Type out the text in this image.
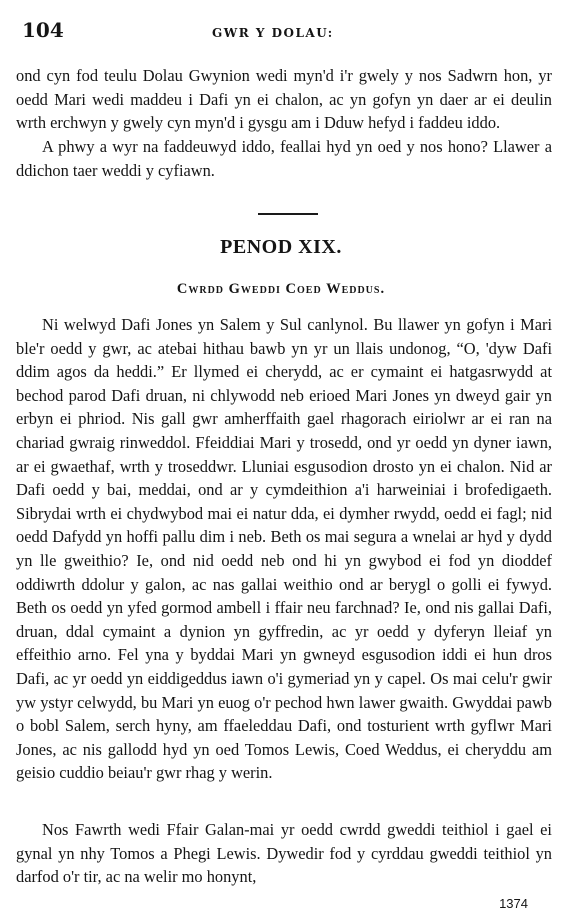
104	GWR Y DOLAU:

ond cyn fod teulu Dolau Gwynion wedi myn'd i'r gwely y nos Sadwrn hon, yr oedd Mari wedi maddeu i Dafi yn ei chalon, ac yn gofyn yn daer ar ei deulin wrth erchwyn y gwely cyn myn'd i gysgu am i Dduw hefyd i faddeu iddo.

A phwy a wyr na faddeuwyd iddo, feallai hyd yn oed y nos hono? Llawer a ddichon taer weddi y cyfiawn.

PENOD XIX.
Cwrdd Gweddi Coed Weddus.

Ni welwyd Dafi Jones yn Salem y Sul canlynol. Bu llawer yn gofyn i Mari ble'r oedd y gwr, ac atebai hithau bawb yn yr un llais undonog, “O, 'dyw Dafi ddim agos da heddi.” Er llymed ei cherydd, ac er cymaint ei hatgasrwydd at bechod parod Dafi druan, ni chlywodd neb erioed Mari Jones yn dweyd gair yn erbyn ei phriod. Nis gall gwr amherffaith gael rhagorach eiriolwr ar ei ran na chariad gwraig rinweddol. Ffeiddiai Mari y trosedd, ond yr oedd yn dyner iawn, ar ei gwaethaf, wrth y troseddwr. Lluniai esgusodion drosto yn ei chalon. Nid ar Dafi oedd y bai, meddai, ond ar y cymdeithion a'i harweiniai i brofedigaeth. Sibrydai wrth ei chydwybod mai ei natur dda, ei dymher rwydd, oedd ei fagl; nid oedd Dafydd yn hoffi pallu dim i neb. Beth os mai segura a wnelai ar hyd y dydd yn lle gweithio? Ie, ond nid oedd neb ond hi yn gwybod ei fod yn dioddef oddiwrth ddolur y galon, ac nas gallai weithio ond ar berygl o golli ei fywyd. Beth os oedd yn yfed gormod ambell i ffair neu farchnad? Ie, ond nis gallai Dafi, druan, ddal cymaint a dynion yn gyffredin, ac yr oedd y dyferyn lleiaf yn effeithio arno. Fel yna y byddai Mari yn gwneyd esgusodion iddi ei hun dros Dafi, ac yr oedd yn eiddigeddus iawn o'i gymeriad yn y capel. Os mai celu'r gwir yw ystyr celwydd, bu Mari yn euog o'r pechod hwn lawer gwaith. Gwyddai pawb o bobl Salem, serch hyny, am ffaeleddau Dafi, ond tosturient wrth gyflwr Mari Jones, ac nis gallodd hyd yn oed Tomos Lewis, Coed Weddus, ei cheryddu am geisio cuddio beiau'r gwr rhag y werin.

Nos Fawrth wedi Ffair Galan-mai yr oedd cwrdd gweddi teithiol i gael ei gynal yn nhy Tomos a Phegi Lewis. Dywedir fod y cyrddau gweddi teithiol yn darfod o'r tir, ac na welir mo honynt,

1374
